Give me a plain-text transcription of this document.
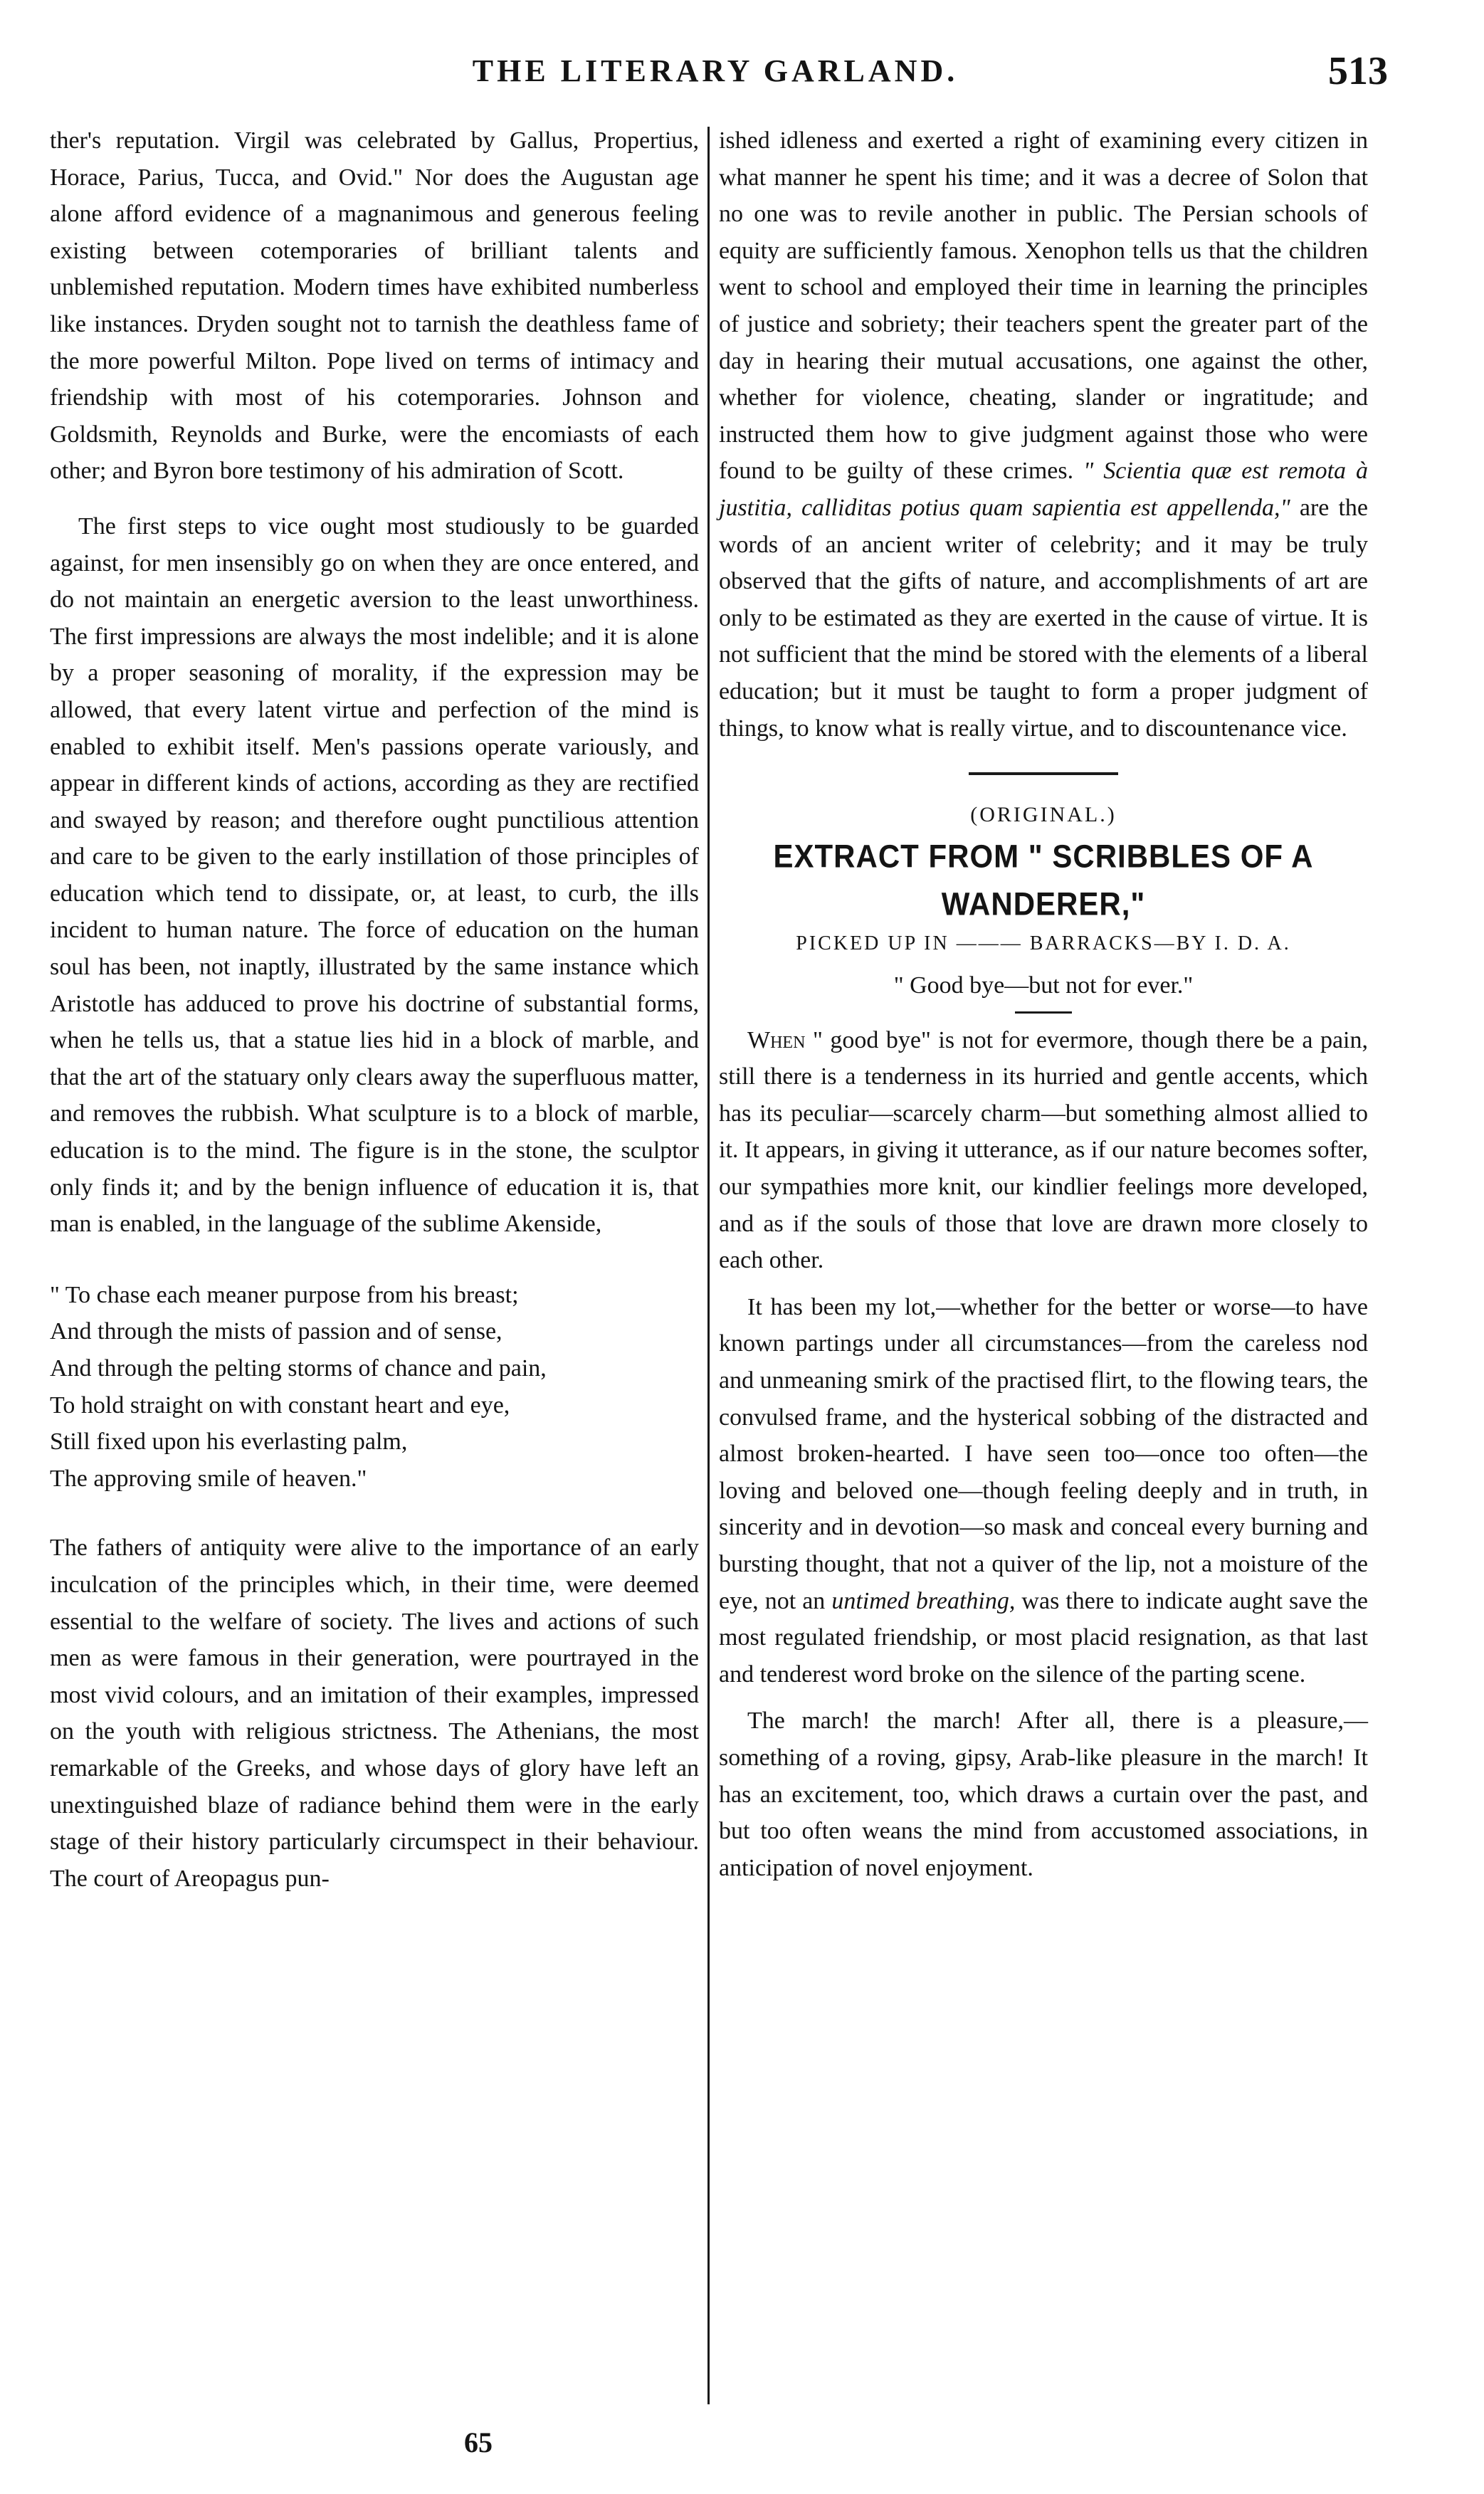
THE LITERARY GARLAND.	513

ther's reputation. Virgil was celebrated by Gallus, Propertius, Horace, Parius, Tucca, and Ovid." Nor does the Augustan age alone afford evidence of a magnanimous and generous feeling existing between cotemporaries of brilliant talents and unblemished reputation. Modern times have exhibited numberless like instances. Dryden sought not to tarnish the deathless fame of the more powerful Milton. Pope lived on terms of intimacy and friendship with most of his cotemporaries. Johnson and Goldsmith, Reynolds and Burke, were the encomiasts of each other; and Byron bore testimony of his admiration of Scott.

The first steps to vice ought most studiously to be guarded against, for men insensibly go on when they are once entered, and do not maintain an energetic aversion to the least unworthiness. The first impressions are always the most indelible; and it is alone by a proper seasoning of morality, if the expression may be allowed, that every latent virtue and perfection of the mind is enabled to exhibit itself. Men's passions operate variously, and appear in different kinds of actions, according as they are rectified and swayed by reason; and therefore ought punctilious attention and care to be given to the early instillation of those principles of education which tend to dissipate, or, at least, to curb, the ills incident to human nature. The force of education on the human soul has been, not inaptly, illustrated by the same instance which Aristotle has adduced to prove his doctrine of substantial forms, when he tells us, that a statue lies hid in a block of marble, and that the art of the statuary only clears away the superfluous matter, and removes the rubbish. What sculpture is to a block of marble, education is to the mind. The figure is in the stone, the sculptor only finds it; and by the benign influence of education it is, that man is enabled, in the language of the sublime Akenside,

" To chase each meaner purpose from his breast;
And through the mists of passion and of sense,
And through the pelting storms of chance and pain,
To hold straight on with constant heart and eye,
Still fixed upon his everlasting palm,
The approving smile of heaven."

The fathers of antiquity were alive to the importance of an early inculcation of the principles which, in their time, were deemed essential to the welfare of society. The lives and actions of such men as were famous in their generation, were pourtrayed in the most vivid colours, and an imitation of their examples, impressed on the youth with religious strictness. The Athenians, the most remarkable of the Greeks, and whose days of glory have left an unextinguished blaze of radiance behind them were in the early stage of their history particularly circumspect in their behaviour. The court of Areopagus pun-

ished idleness and exerted a right of examining every citizen in what manner he spent his time; and it was a decree of Solon that no one was to revile another in public. The Persian schools of equity are sufficiently famous. Xenophon tells us that the children went to school and employed their time in learning the principles of justice and sobriety; their teachers spent the greater part of the day in hearing their mutual accusations, one against the other, whether for violence, cheating, slander or ingratitude; and instructed them how to give judgment against those who were found to be guilty of these crimes. " Scientia quæ est remota à justitia, calliditas potius quam sapientia est appellenda," are the words of an ancient writer of celebrity; and it may be truly observed that the gifts of nature, and accomplishments of art are only to be estimated as they are exerted in the cause of virtue. It is not sufficient that the mind be stored with the elements of a liberal education; but it must be taught to form a proper judgment of things, to know what is really virtue, and to discountenance vice.

(ORIGINAL.)
EXTRACT FROM " SCRIBBLES OF A WANDERER,"
PICKED UP IN ——— BARRACKS—BY I. D. A.
" Good bye—but not for ever."

When " good bye" is not for evermore, though there be a pain, still there is a tenderness in its hurried and gentle accents, which has its peculiar—scarcely charm—but something almost allied to it. It appears, in giving it utterance, as if our nature becomes softer, our sympathies more knit, our kindlier feelings more developed, and as if the souls of those that love are drawn more closely to each other.

It has been my lot,—whether for the better or worse—to have known partings under all circumstances—from the careless nod and unmeaning smirk of the practised flirt, to the flowing tears, the convulsed frame, and the hysterical sobbing of the distracted and almost broken-hearted. I have seen too—once too often—the loving and beloved one—though feeling deeply and in truth, in sincerity and in devotion—so mask and conceal every burning and bursting thought, that not a quiver of the lip, not a moisture of the eye, not an untimed breathing, was there to indicate aught save the most regulated friendship, or most placid resignation, as that last and tenderest word broke on the silence of the parting scene.

The march! the march! After all, there is a pleasure,—something of a roving, gipsy, Arab-like pleasure in the march! It has an excitement, too, which draws a curtain over the past, and but too often weans the mind from accustomed associations, in anticipation of novel enjoyment.

65
